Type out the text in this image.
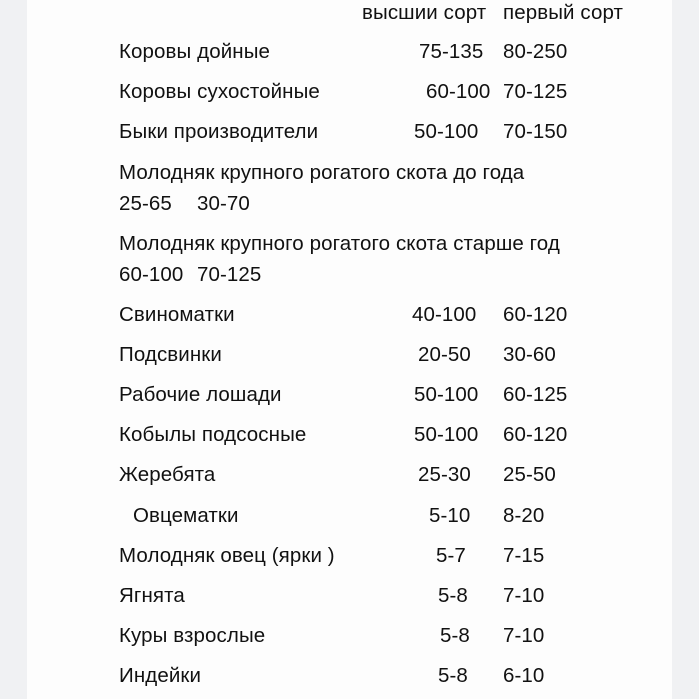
высшии сорт первый сорт
Коровы дойные	75-135 80-250
Коровы сухостойные	60-100 70-125
Быки производители	50-100 70-150
Молодняк крупного рогатого скота до года
25-65 30-70
Молодняк крупного рогатого скота старше год
60-100 70-125
Свиноматки	40-100 60-120
Подсвинки	20-50 30-60
Рабочие лошади	50-100 60-125
Кобылы подсосные	50-100 60-120
Жеребята	25-30 25-50
Овцематки	5-10 8-20
Молодняк овец (ярки )	5-7 7-15
Ягнята	5-8 7-10
Куры взрослые	5-8 7-10
Индейки	5-8 6-10
